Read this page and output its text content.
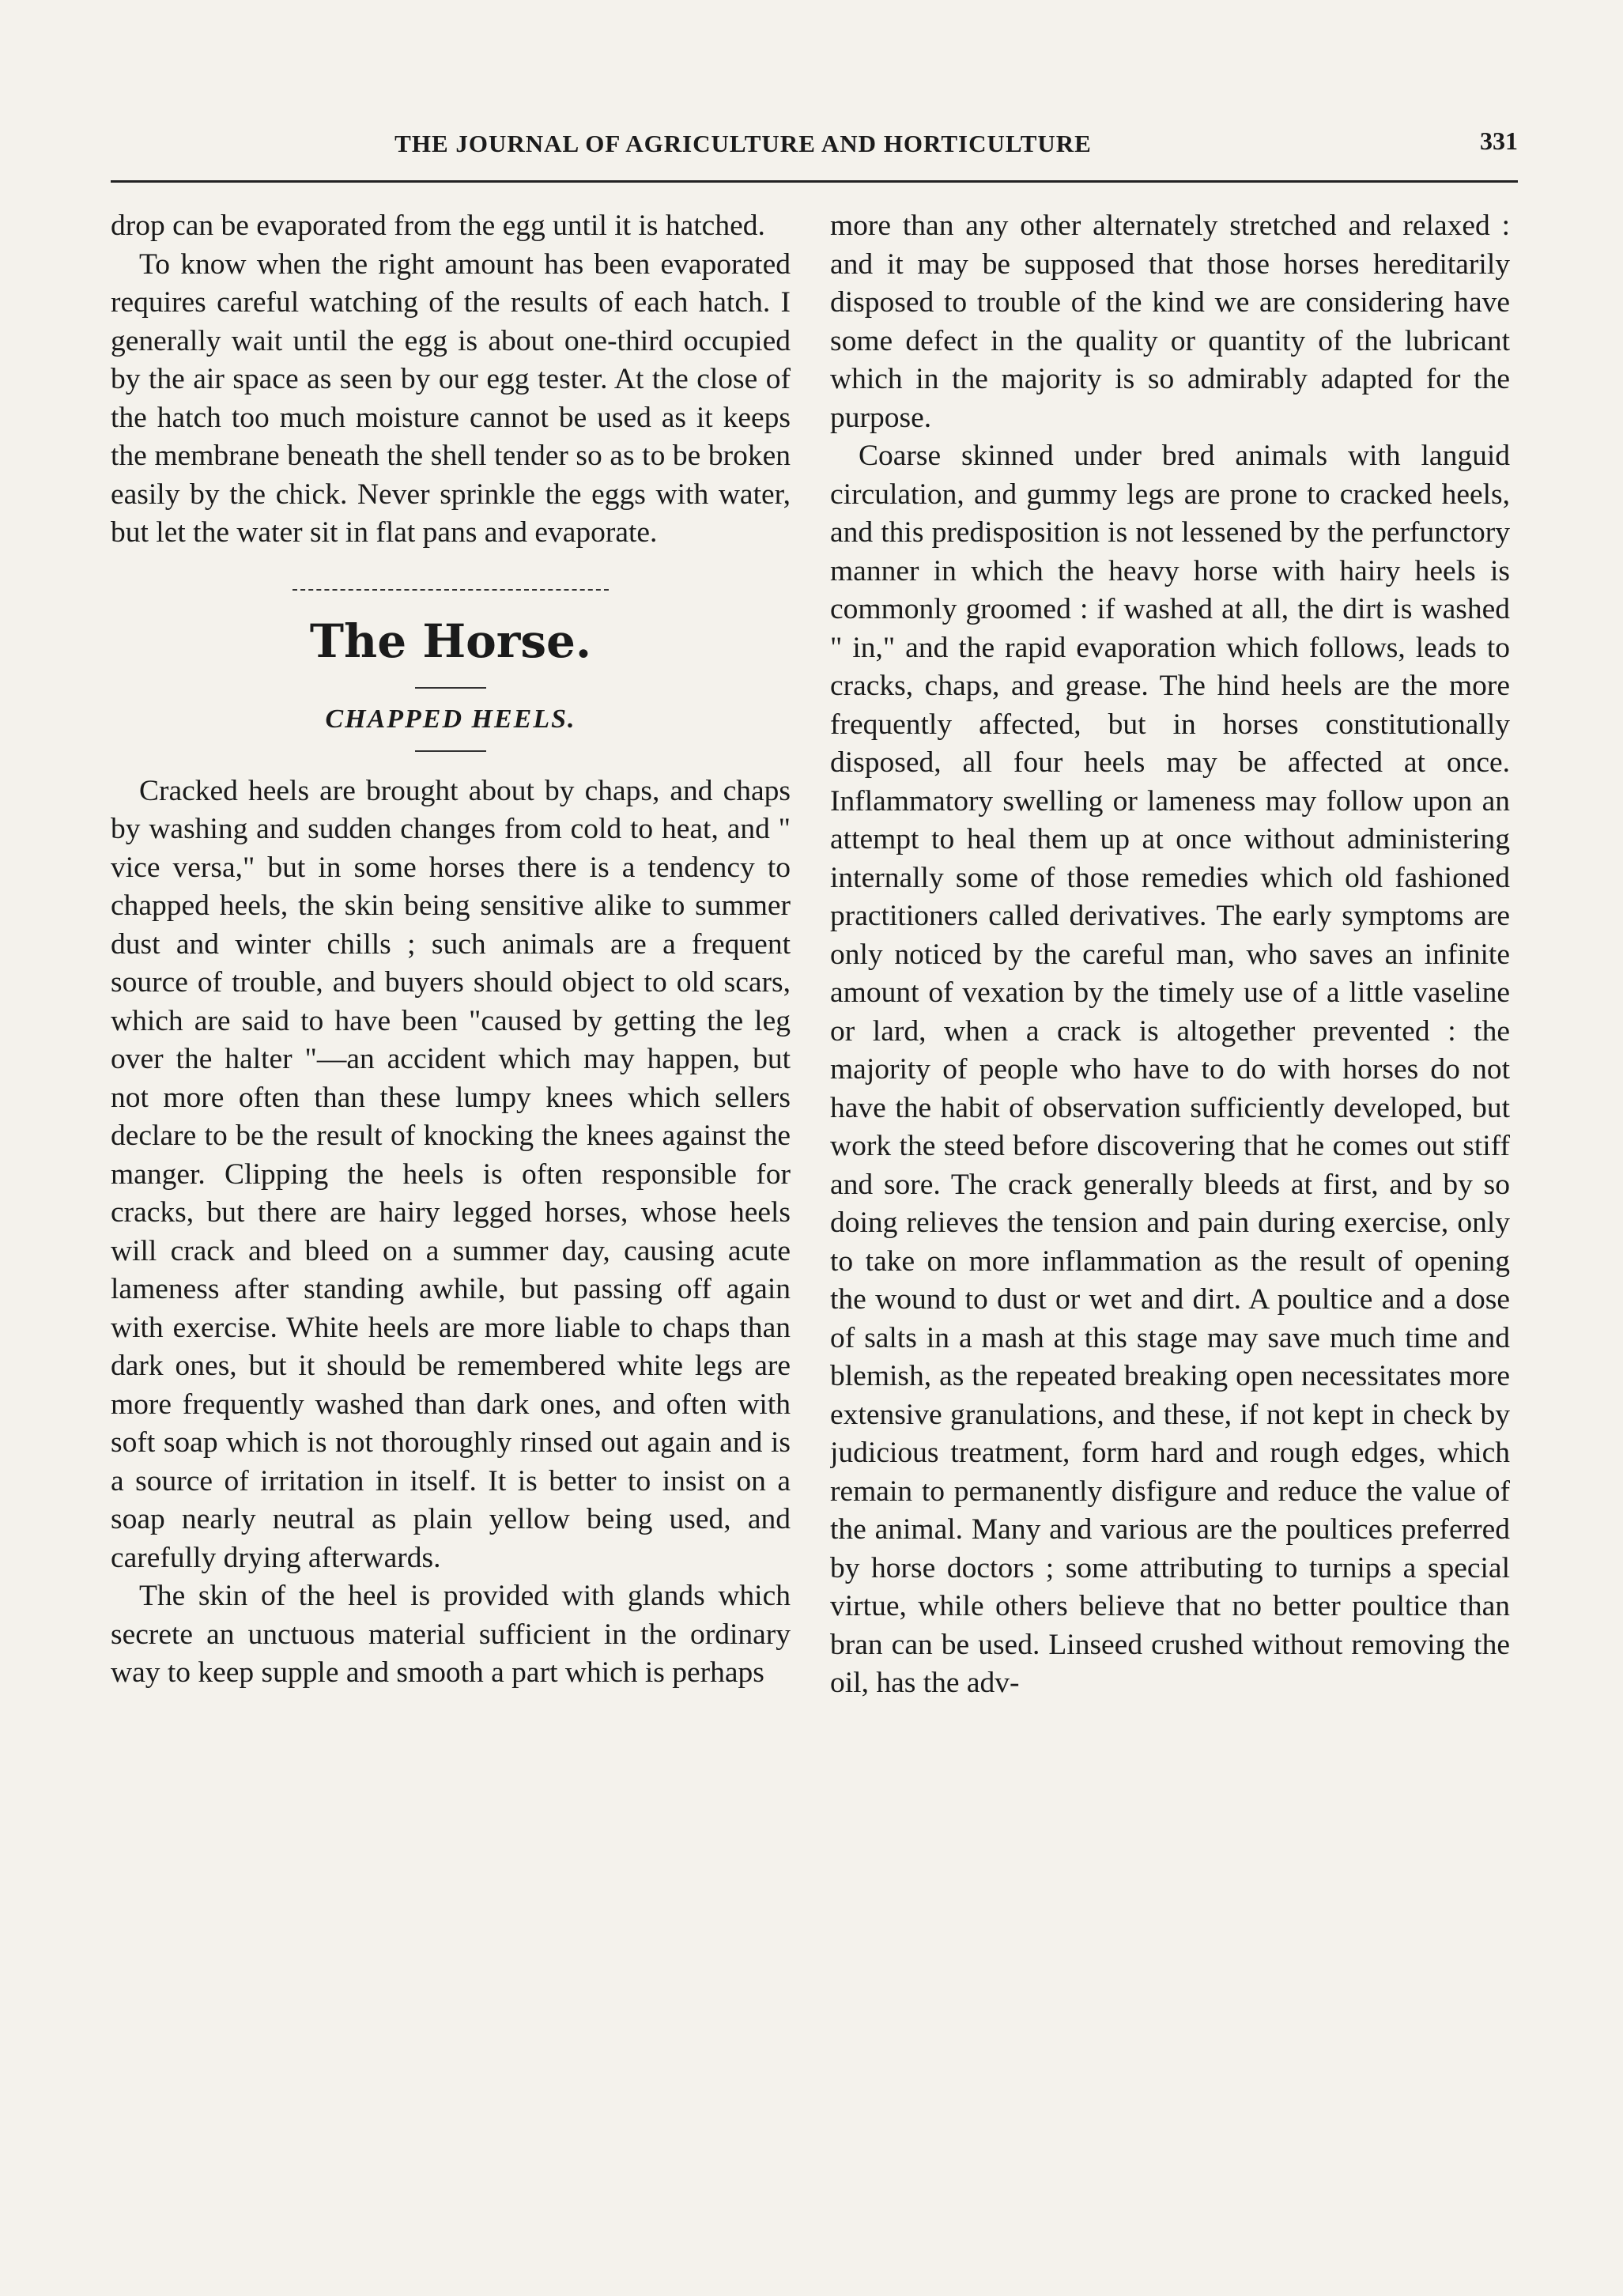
THE JOURNAL OF AGRICULTURE AND HORTICULTURE	331

drop can be evaporated from the egg until it is hatched.

To know when the right amount has been evaporated requires careful watching of the results of each hatch. I generally wait until the egg is about one-third occupied by the air space as seen by our egg tester. At the close of the hatch too much moisture cannot be used as it keeps the membrane beneath the shell tender so as to be broken easily by the chick. Never sprinkle the eggs with water, but let the water sit in flat pans and evaporate.

The Horse.
CHAPPED HEELS.

Cracked heels are brought about by chaps, and chaps by washing and sudden changes from cold to heat, and " vice versa," but in some horses there is a tendency to chapped heels, the skin being sensitive alike to summer dust and winter chills ; such animals are a frequent source of trouble, and buyers should object to old scars, which are said to have been "caused by getting the leg over the halter "—an accident which may happen, but not more often than these lumpy knees which sellers declare to be the result of knocking the knees against the manger. Clipping the heels is often responsible for cracks, but there are hairy legged horses, whose heels will crack and bleed on a summer day, causing acute lameness after standing awhile, but passing off again with exercise. White heels are more liable to chaps than dark ones, but it should be remembered white legs are more frequently washed than dark ones, and often with soft soap which is not thoroughly rinsed out again and is a source of irritation in itself. It is better to insist on a soap nearly neutral as plain yellow being used, and carefully drying afterwards.

The skin of the heel is provided with glands which secrete an unctuous material sufficient in the ordinary way to keep supple and smooth a part which is perhaps

more than any other alternately stretched and relaxed : and it may be supposed that those horses hereditarily disposed to trouble of the kind we are considering have some defect in the quality or quantity of the lubricant which in the majority is so admirably adapted for the purpose.

Coarse skinned under bred animals with languid circulation, and gummy legs are prone to cracked heels, and this predisposition is not lessened by the perfunctory manner in which the heavy horse with hairy heels is commonly groomed : if washed at all, the dirt is washed " in," and the rapid evaporation which follows, leads to cracks, chaps, and grease. The hind heels are the more frequently affected, but in horses constitutionally disposed, all four heels may be affected at once. Inflammatory swelling or lameness may follow upon an attempt to heal them up at once without administering internally some of those remedies which old fashioned practitioners called derivatives. The early symptoms are only noticed by the careful man, who saves an infinite amount of vexation by the timely use of a little vaseline or lard, when a crack is altogether prevented : the majority of people who have to do with horses do not have the habit of observation sufficiently developed, but work the steed before discovering that he comes out stiff and sore. The crack generally bleeds at first, and by so doing relieves the tension and pain during exercise, only to take on more inflammation as the result of opening the wound to dust or wet and dirt. A poultice and a dose of salts in a mash at this stage may save much time and blemish, as the repeated breaking open necessitates more extensive granulations, and these, if not kept in check by judicious treatment, form hard and rough edges, which remain to permanently disfigure and reduce the value of the animal. Many and various are the poultices preferred by horse doctors ; some attributing to turnips a special virtue, while others believe that no better poultice than bran can be used. Linseed crushed without removing the oil, has the adv-
